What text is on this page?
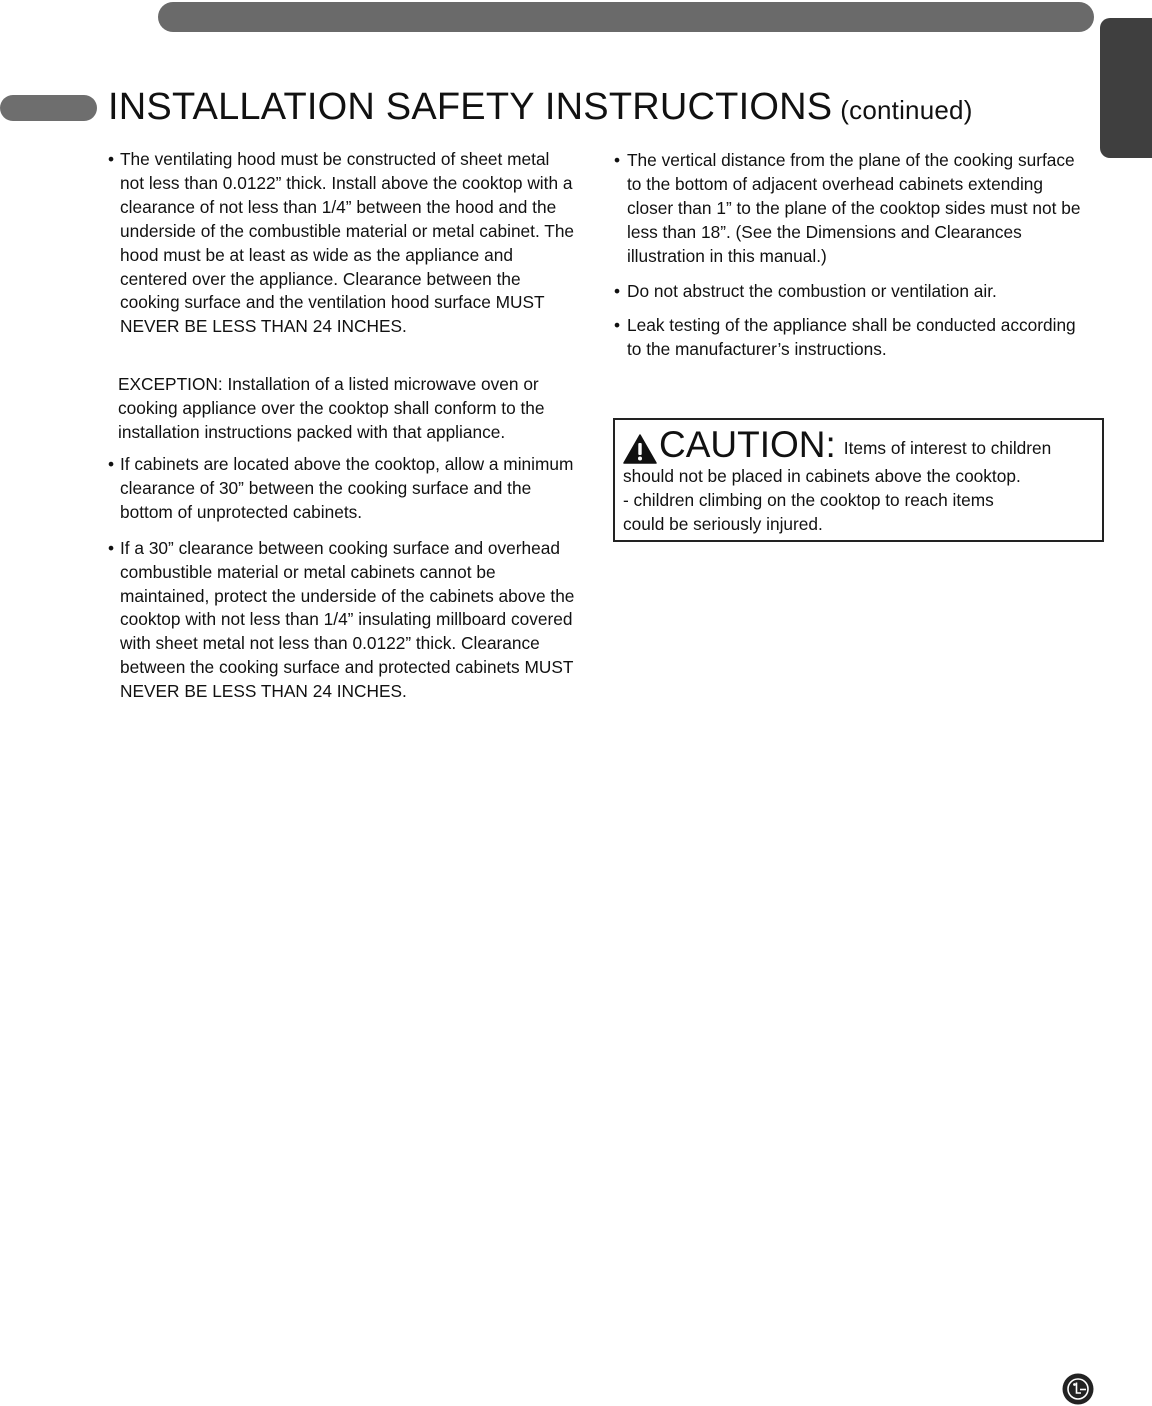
INSTALLATION SAFETY INSTRUCTIONS (continued)

• The ventilating hood must be constructed of sheet metal not less than 0.0122” thick. Install above the cooktop with a clearance of not less than 1/4” between the hood and the underside of the combustible material or metal cabinet. The hood must be at least as wide as the appliance and centered over the appliance. Clearance between the cooking surface and the ventilation hood surface MUST NEVER BE LESS THAN 24 INCHES.

EXCEPTION: Installation of a listed microwave oven or cooking appliance over the cooktop shall conform to the installation instructions packed with that appliance.

• If cabinets are located above the cooktop, allow a minimum clearance of 30” between the cooking surface and the bottom of unprotected cabinets.

• If a 30” clearance between cooking surface and overhead combustible material or metal cabinets cannot be maintained, protect the underside of the cabinets above the cooktop with not less than 1/4” insulating millboard covered with sheet metal not less than 0.0122” thick. Clearance between the cooking surface and protected cabinets MUST NEVER BE LESS THAN 24 INCHES.

• The vertical distance from the plane of the cooking surface to the bottom of adjacent overhead cabinets extending closer than 1” to the plane of the cooktop sides must not be less than 18”. (See the Dimensions and Clearances illustration in this manual.)

• Do not abstruct the combustion or ventilation air.

• Leak testing of the appliance shall be conducted according to the manufacturer’s instructions.

CAUTION: Items of interest to children
should not be placed in cabinets above the cooktop.
- children climbing on the cooktop to reach items
could be seriously injured.
